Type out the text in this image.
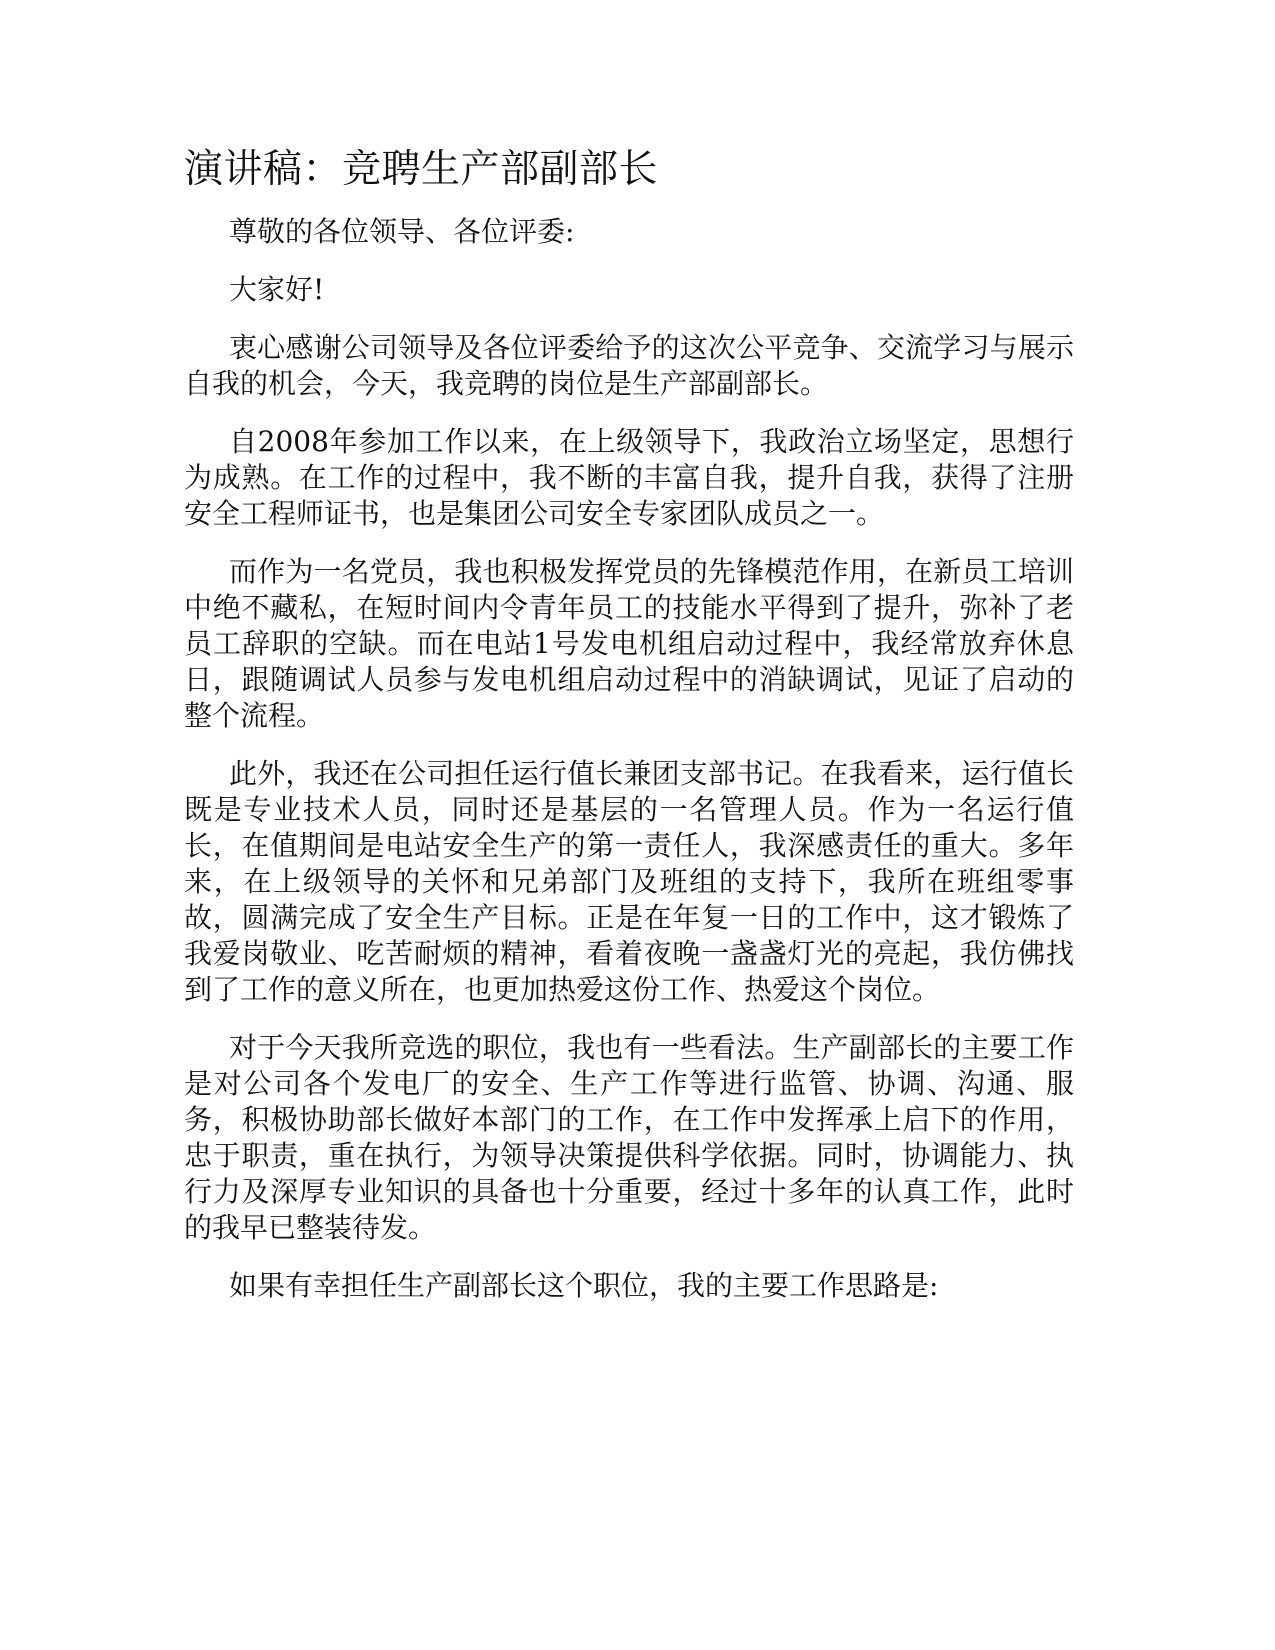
演讲稿：竞聘生产部副部长

尊敬的各位领导、各位评委:

大家好!

衷心感谢公司领导及各位评委给予的这次公平竞争、交流学习与展示自我的机会，今天，我竞聘的岗位是生产部副部长。

自2008年参加工作以来，在上级领导下，我政治立场坚定，思想行为成熟。在工作的过程中，我不断的丰富自我，提升自我，获得了注册安全工程师证书，也是集团公司安全专家团队成员之一。

而作为一名党员，我也积极发挥党员的先锋模范作用，在新员工培训中绝不藏私，在短时间内令青年员工的技能水平得到了提升，弥补了老员工辞职的空缺。而在电站1号发电机组启动过程中，我经常放弃休息日，跟随调试人员参与发电机组启动过程中的消缺调试，见证了启动的整个流程。

此外，我还在公司担任运行值长兼团支部书记。在我看来，运行值长既是专业技术人员，同时还是基层的一名管理人员。作为一名运行值长，在值期间是电站安全生产的第一责任人，我深感责任的重大。多年来，在上级领导的关怀和兄弟部门及班组的支持下，我所在班组零事故，圆满完成了安全生产目标。正是在年复一日的工作中，这才锻炼了我爱岗敬业、吃苦耐烦的精神，看着夜晚一盏盏灯光的亮起，我仿佛找到了工作的意义所在，也更加热爱这份工作、热爱这个岗位。

对于今天我所竞选的职位，我也有一些看法。生产副部长的主要工作是对公司各个发电厂的安全、生产工作等进行监管、协调、沟通、服务，积极协助部长做好本部门的工作，在工作中发挥承上启下的作用，忠于职责，重在执行，为领导决策提供科学依据。同时，协调能力、执行力及深厚专业知识的具备也十分重要，经过十多年的认真工作，此时的我早已整装待发。

如果有幸担任生产副部长这个职位，我的主要工作思路是:
